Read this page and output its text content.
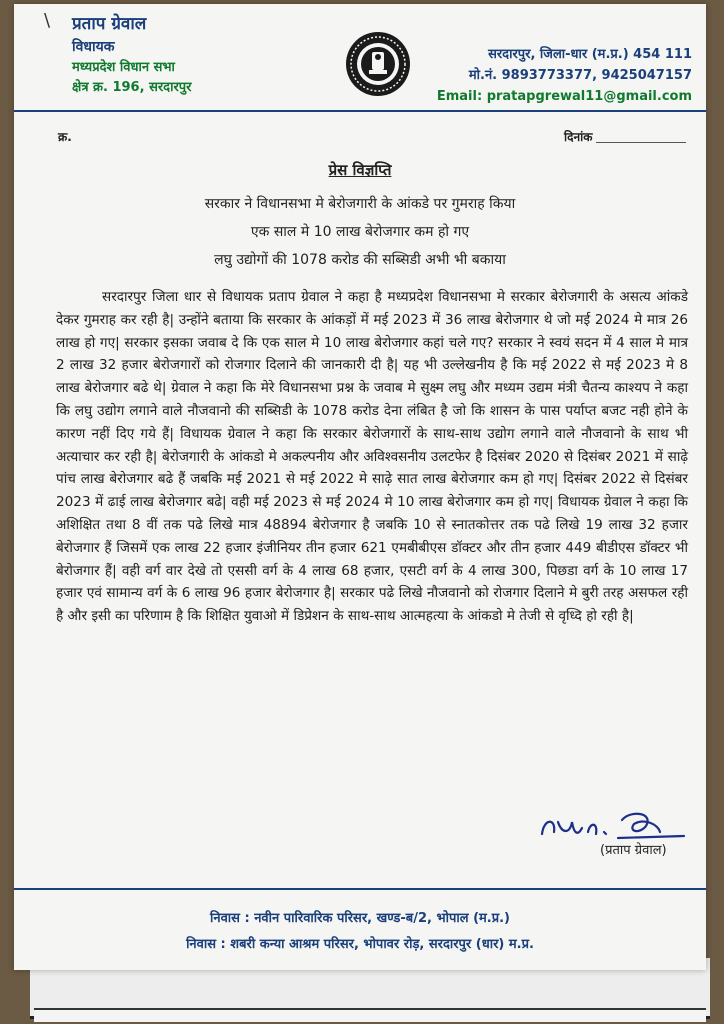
\ प्रताप ग्रेवाल
विधायक
मध्यप्रदेश विधान सभा
क्षेत्र क्र. 196, सरदारपुर
सरदारपुर, जिला-धार (म.प्र.) 454 111
मो.नं. 9893773377, 9425047157
Email: pratapgrewal11@gmail.com
क्र.	दिनांक
प्रेस विज्ञप्ति
सरकार ने विधानसभा मे बेरोजगारी के आंकडे पर गुमराह किया
एक साल मे 10 लाख बेरोजगार कम हो गए
लघु उद्योगों की 1078 करोड की सब्सिडी अभी भी बकाया

सरदारपुर जिला धार से विधायक प्रताप ग्रेवाल ने कहा है मध्यप्रदेश विधानसभा मे सरकार बेरोजगारी के असत्य आंकडे देकर गुमराह कर रही है| उन्होंने बताया कि सरकार के आंकड़ों में मई 2023 में 36 लाख बेरोजगार थे जो मई 2024 मे मात्र 26 लाख हो गए| सरकार इसका जवाब दे कि एक साल मे 10 लाख बेरोजगार कहां चले गए? सरकार ने स्वयं सदन में 4 साल मे मात्र 2 लाख 32 हजार बेरोजगारों को रोजगार दिलाने की जानकारी दी है| यह भी उल्लेखनीय है कि मई 2022 से मई 2023 मे 8 लाख बेरोजगार बढे थे| ग्रेवाल ने कहा कि मेरे विधानसभा प्रश्न के जवाब मे सुक्ष्म लघु और मध्यम उद्यम मंत्री चैतन्य काश्यप ने कहा कि लघु उद्योग लगाने वाले नौजवानो की सब्सिडी के 1078 करोड देना लंबित है जो कि शासन के पास पर्याप्त बजट नही होने के कारण नहीं दिए गये हैं| विधायक ग्रेवाल ने कहा कि सरकार बेरोजगारों के साथ-साथ उद्योग लगाने वाले नौजवानो के साथ भी अत्याचार कर रही है| बेरोजगारी के आंकडो मे अकल्पनीय और अविश्वसनीय उलटफेर है दिसंबर 2020 से दिसंबर 2021 में साढ़े पांच लाख बेरोजगार बढे हैं जबकि मई 2021 से मई 2022 मे साढ़े सात लाख बेरोजगार कम हो गए| दिसंबर 2022 से दिसंबर 2023 में ढाई लाख बेरोजगार बढे| वही मई 2023 से मई 2024 मे 10 लाख बेरोजगार कम हो गए| विधायक ग्रेवाल ने कहा कि अशिक्षित तथा 8 वीं तक पढे लिखे मात्र 48894 बेरोजगार है जबकि 10 से स्नातकोत्तर तक पढे लिखे 19 लाख 32 हजार बेरोजगार हैं जिसमें एक लाख 22 हजार इंजीनियर तीन हजार 621 एमबीबीएस डॉक्टर और तीन हजार 449 बीडीएस डॉक्टर भी बेरोजगार हैं| वही वर्ग वार देखे तो एससी वर्ग के 4 लाख 68 हजार, एसटी वर्ग के 4 लाख 300, पिछडा वर्ग के 10 लाख 17 हजार एवं सामान्य वर्ग के 6 लाख 96 हजार बेरोजगार है| सरकार पढे लिखे नौजवानो को रोजगार दिलाने मे बुरी तरह असफल रही है और इसी का परिणाम है कि शिक्षित युवाओ में डिप्रेशन के साथ-साथ आत्महत्या के आंकडो मे तेजी से वृध्दि हो रही है|

(प्रताप ग्रेवाल)
निवास : नवीन पारिवारिक परिसर, खण्ड-ब/2, भोपाल (म.प्र.)
निवास : शबरी कन्या आश्रम परिसर, भोपावर रोड़, सरदारपुर (धार) म.प्र.
